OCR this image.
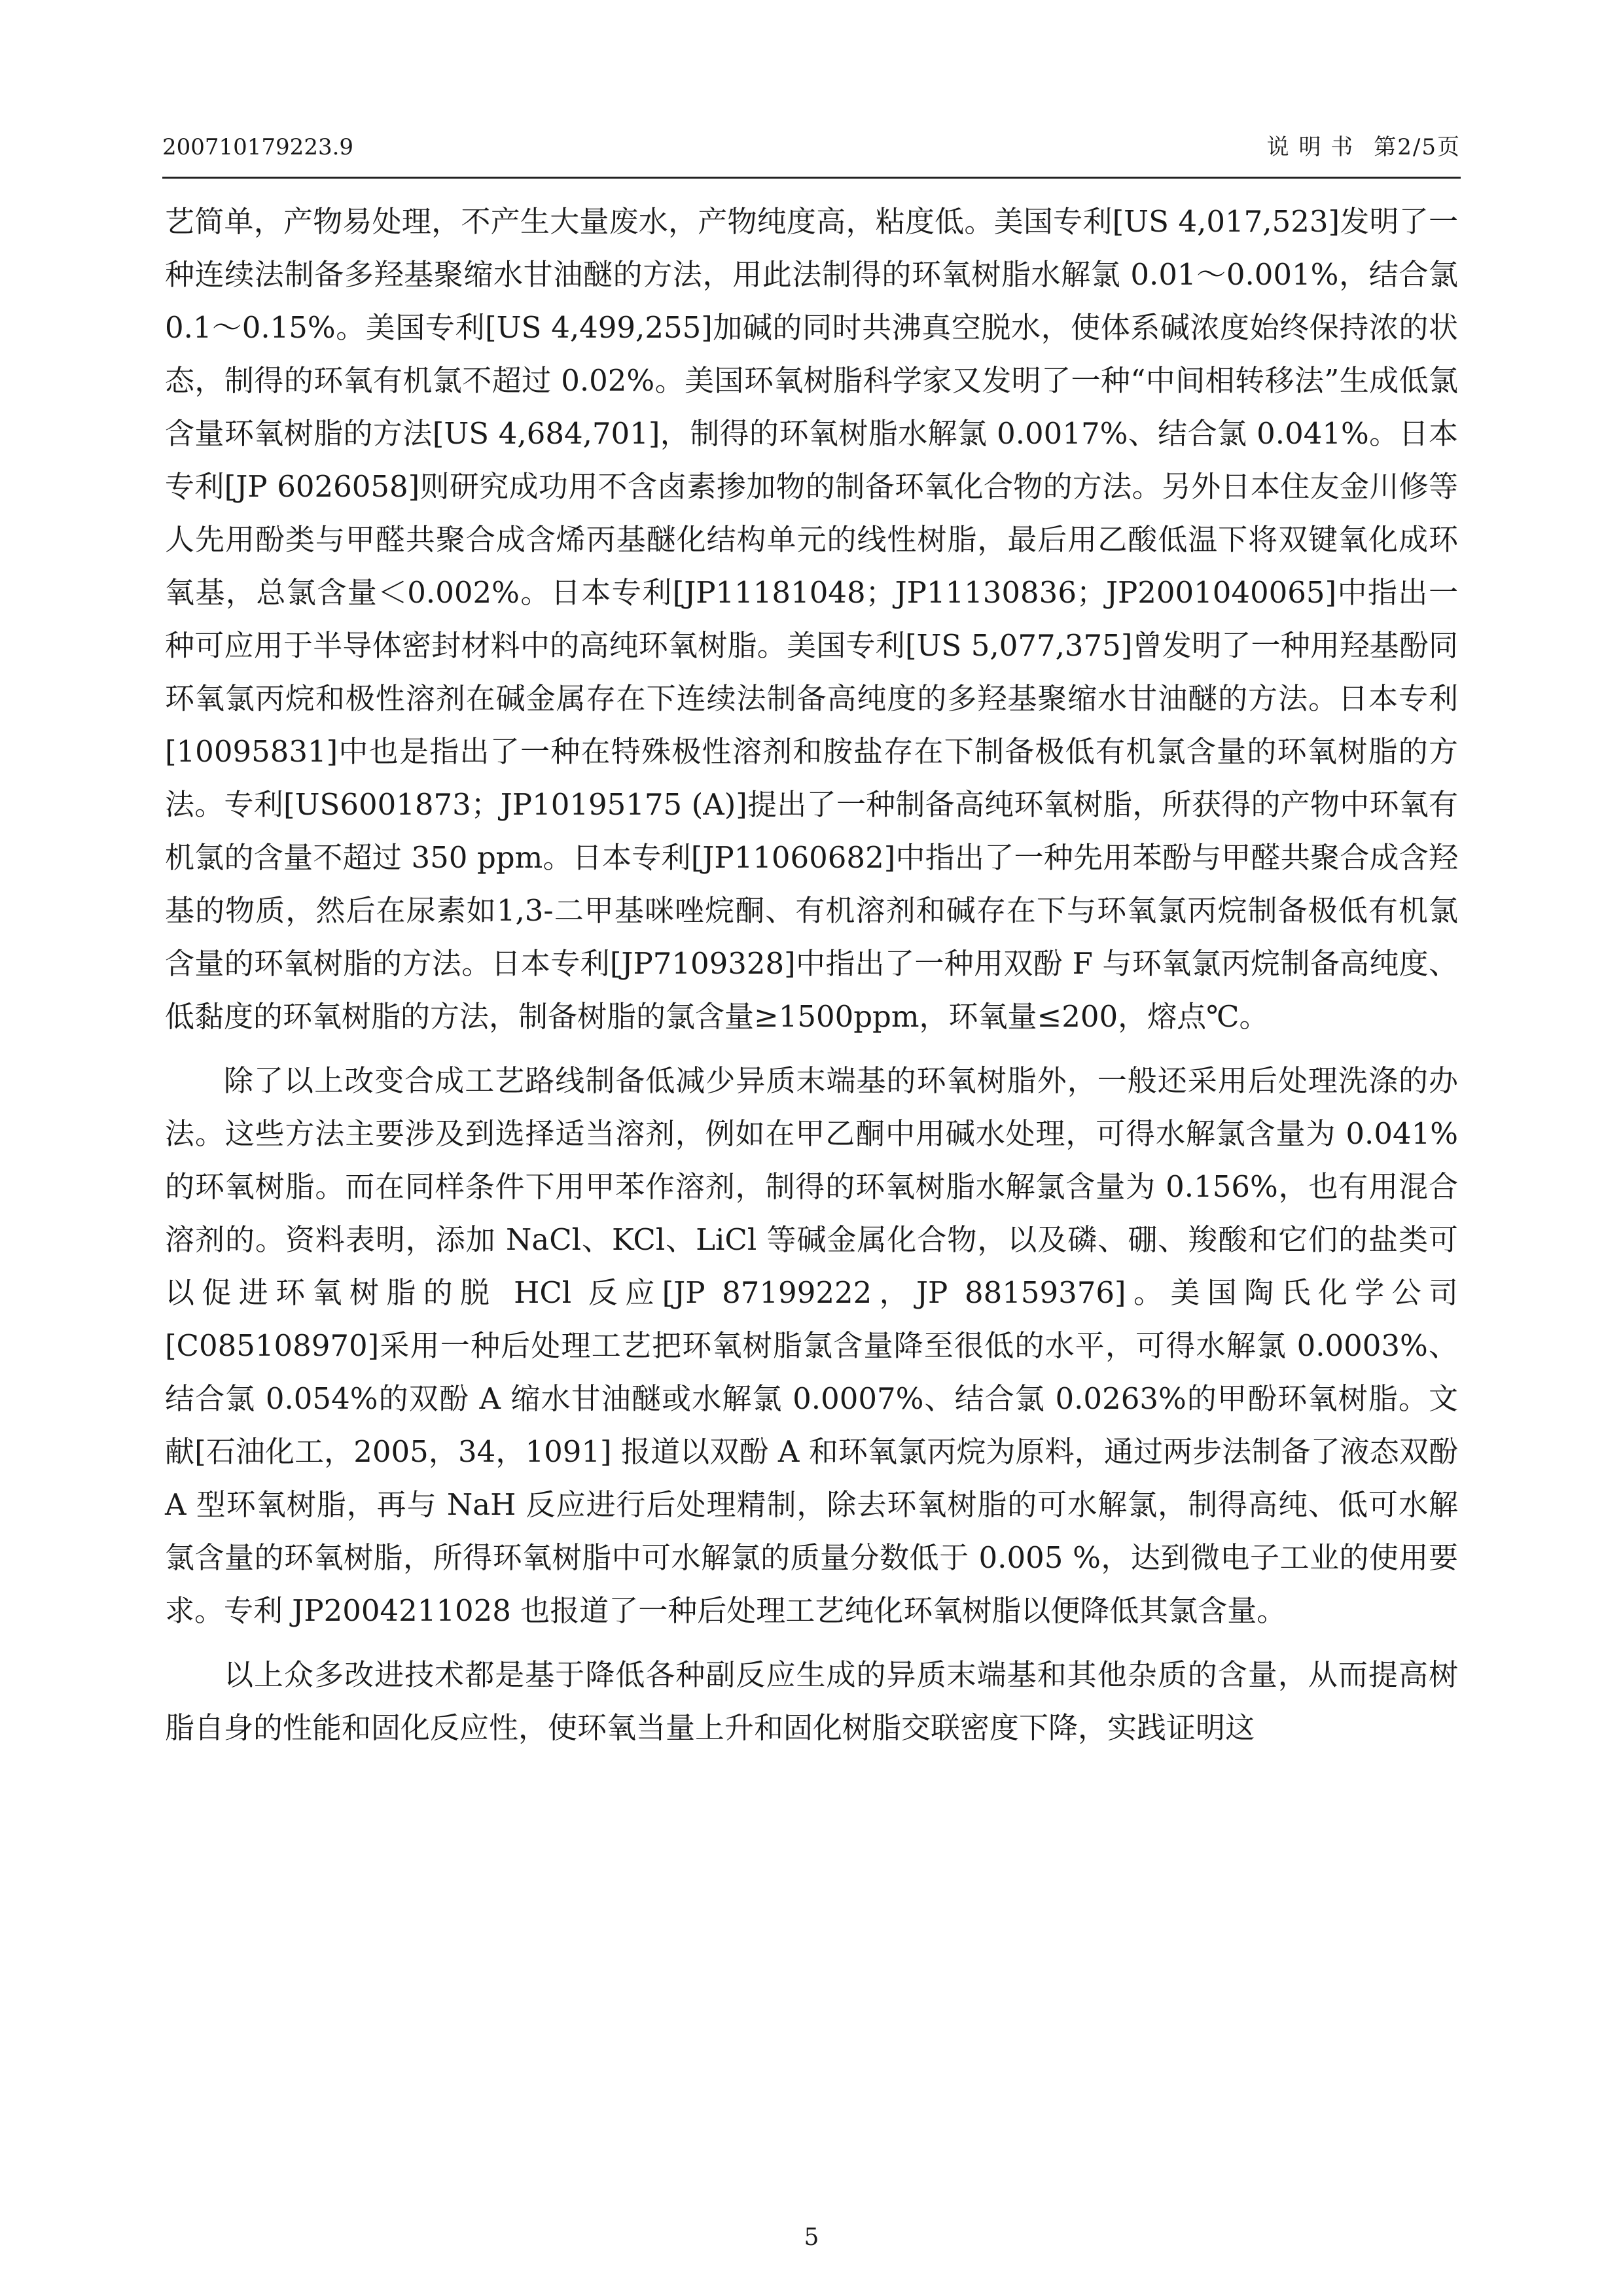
200710179223.9	说 明 书 第2/5页

艺简单，产物易处理，不产生大量废水，产物纯度高，粘度低。美国专利[US 4,017,523]发明了一种连续法制备多羟基聚缩水甘油醚的方法，用此法制得的环氧树脂水解氯 0.01～0.001%，结合氯 0.1～0.15%。美国专利[US 4,499,255]加碱的同时共沸真空脱水，使体系碱浓度始终保持浓的状态，制得的环氧有机氯不超过 0.02%。美国环氧树脂科学家又发明了一种“中间相转移法”生成低氯含量环氧树脂的方法[US 4,684,701]，制得的环氧树脂水解氯 0.0017%、结合氯 0.041%。日本专利[JP 6026058]则研究成功用不含卤素掺加物的制备环氧化合物的方法。另外日本住友金川修等人先用酚类与甲醛共聚合成含烯丙基醚化结构单元的线性树脂，最后用乙酸低温下将双键氧化成环氧基，总氯含量＜0.002%。日本专利[JP11181048；JP11130836；JP2001040065]中指出一种可应用于半导体密封材料中的高纯环氧树脂。美国专利[US 5,077,375]曾发明了一种用羟基酚同环氧氯丙烷和极性溶剂在碱金属存在下连续法制备高纯度的多羟基聚缩水甘油醚的方法。日本专利[10095831]中也是指出了一种在特殊极性溶剂和胺盐存在下制备极低有机氯含量的环氧树脂的方法。专利[US6001873；JP10195175 (A)]提出了一种制备高纯环氧树脂，所获得的产物中环氧有机氯的含量不超过 350 ppm。日本专利[JP11060682]中指出了一种先用苯酚与甲醛共聚合成含羟基的物质，然后在尿素如1,3-二甲基咪唑烷酮、有机溶剂和碱存在下与环氧氯丙烷制备极低有机氯含量的环氧树脂的方法。日本专利[JP7109328]中指出了一种用双酚 F 与环氧氯丙烷制备高纯度、低黏度的环氧树脂的方法，制备树脂的氯含量≥1500ppm，环氧量≤200，熔点℃。

除了以上改变合成工艺路线制备低减少异质末端基的环氧树脂外，一般还采用后处理洗涤的办法。这些方法主要涉及到选择适当溶剂，例如在甲乙酮中用碱水处理，可得水解氯含量为 0.041%的环氧树脂。而在同样条件下用甲苯作溶剂，制得的环氧树脂水解氯含量为 0.156%，也有用混合溶剂的。资料表明，添加 NaCl、KCl、LiCl 等碱金属化合物，以及磷、硼、羧酸和它们的盐类可以促进环氧树脂的脱 HCl 反应[JP 87199222，JP 88159376]。美国陶氏化学公司[C085108970]采用一种后处理工艺把环氧树脂氯含量降至很低的水平，可得水解氯 0.0003%、结合氯 0.054%的双酚 A 缩水甘油醚或水解氯 0.0007%、结合氯 0.0263%的甲酚环氧树脂。文献[石油化工，2005，34，1091] 报道以双酚 A 和环氧氯丙烷为原料，通过两步法制备了液态双酚 A 型环氧树脂，再与 NaH 反应进行后处理精制，除去环氧树脂的可水解氯，制得高纯、低可水解氯含量的环氧树脂，所得环氧树脂中可水解氯的质量分数低于 0.005 %，达到微电子工业的使用要求。专利 JP2004211028 也报道了一种后处理工艺纯化环氧树脂以便降低其氯含量。

以上众多改进技术都是基于降低各种副反应生成的异质末端基和其他杂质的含量，从而提高树脂自身的性能和固化反应性，使环氧当量上升和固化树脂交联密度下降，实践证明这

5
